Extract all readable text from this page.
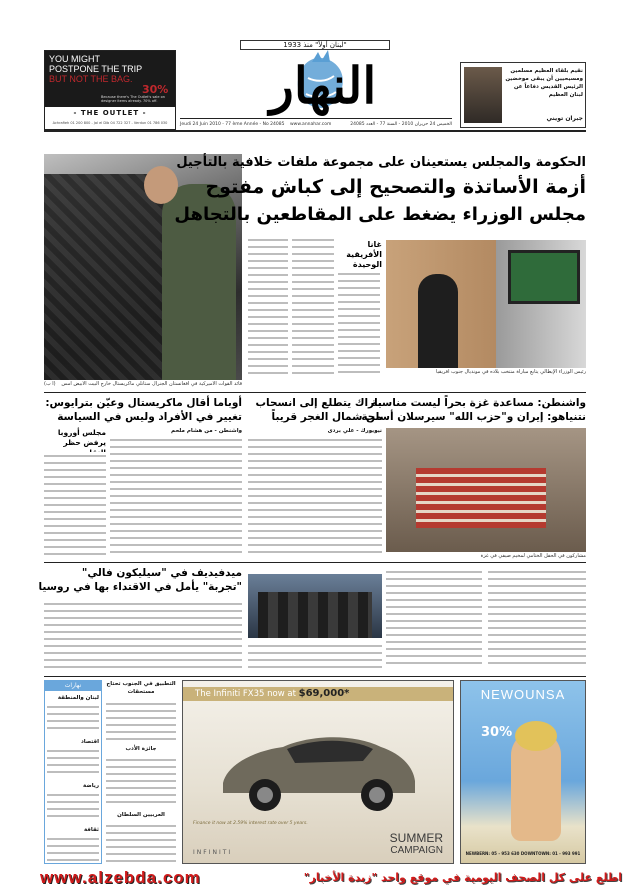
"لبنان أولاً" منذ 1933
النهار
Jeudi 24 Juin 2010 - 77 ème Année - No 24085 www.annahar.com	الخميس 24 حزيران 2010 - السنة 77 - العدد 24085
YOU MIGHT
POSTPONE THE TRIP
BUT NOT THE BAG.
30%
Because there's The Outlet's sale on designer items already. 70% off.
- THE OUTLET -
Achrafieh 01 200 800 - Jal el Dib 04 722 327 - Verdun 01 786 030
نقيم بلقاء العظيم مسلمين ومسيحيين أن يبقى موخضين الرئيس القديس دفاعاً عن لبنان العظيم
جبران تويني
قائد القوات الأميركية في أفغانستان الجنرال ستانلي ماكريستال خارج البيت الأبيض أمس
(أ ب)
الحكومة والمجلس يستعينان على مجموعة ملفات خلافية بالتأجيل
أزمة الأساتذة والتصحيح إلى كباش مفتوح
مجلس الوزراء يضغط على المقاطعين بالتجاهل
غانا الأفريقية الوحيدة
رئيس الوزراء الإيطالي يتابع مباراة منتخب بلاده في مونديال جنوب أفريقيا
واشنطن: مساعدة غزة بحراً ليست مناسبة
نتنياهو: إيران و"حزب الله" سيرسلان أسلحة
مشاركون في الحفل الختامي لمخيم صيفي في غزة
باراك يتطلع إلى انسحاب
من شمال الغجر قريباً
نيويورك - علي بردى
أوباما أقال ماكريستال وعيّن بترايوس:
تغيير في الأفراد وليس في السياسة
واشنطن - من هشام ملحم
مجلس أوروبا يرفض حظر
ميدفيديف في "سيليكون فالي"
"تجربة" يأمل في الاقتداء بها في روسيا
نهارات
لبنان والمنطقة
اقتصاد
رياضة
ثقافة
التطبيق في الجنوب تحتاج مستحقات
جائزة الأدب
العربيين السلطان
The Infiniti FX35 now at $69,000*
Finance it now at 2.59% interest rate over 5 years.
SUMMER
CAMPAIGN
INFINITI
NEWOUNSA
30%
NEWBERN: 05 - 953 630 DOWNTOWN: 01 - 993 991
www.alzebda.com	اطلع على كل الصحف اليومية في موقع واحد "زبدة الأخبار"
